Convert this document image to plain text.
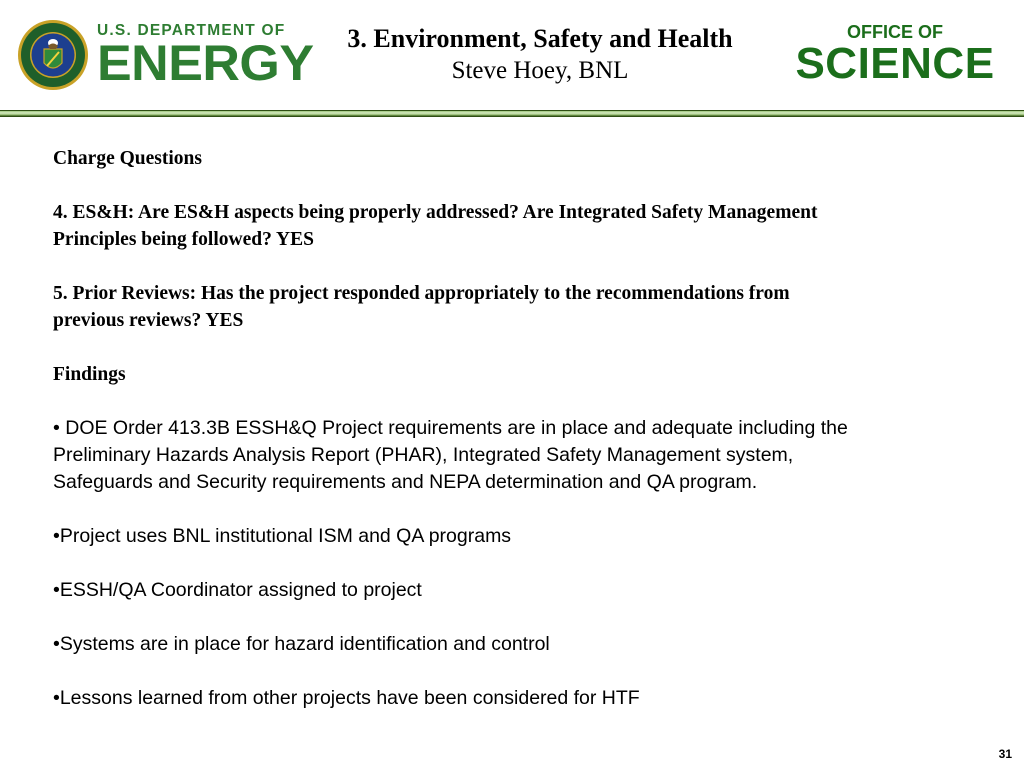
U.S. DEPARTMENT OF
ENERGY	3. Environment, Safety and Health
Steve Hoey, BNL
OFFICE OF
SCIENCE
Charge Questions
4. ES&H: Are ES&H aspects being properly addressed? Are Integrated Safety Management
Principles being followed? YES
5. Prior Reviews: Has the project responded appropriately to the recommendations from
previous reviews? YES
Findings
• DOE Order 413.3B ESSH&Q Project requirements are in place and adequate including the
Preliminary Hazards Analysis Report (PHAR), Integrated Safety Management system,
Safeguards and Security requirements and NEPA determination and QA program.
•Project uses BNL institutional ISM and QA programs
•ESSH/QA Coordinator assigned to project
•Systems are in place for hazard identification and control
•Lessons learned from other projects have been considered for HTF
31
